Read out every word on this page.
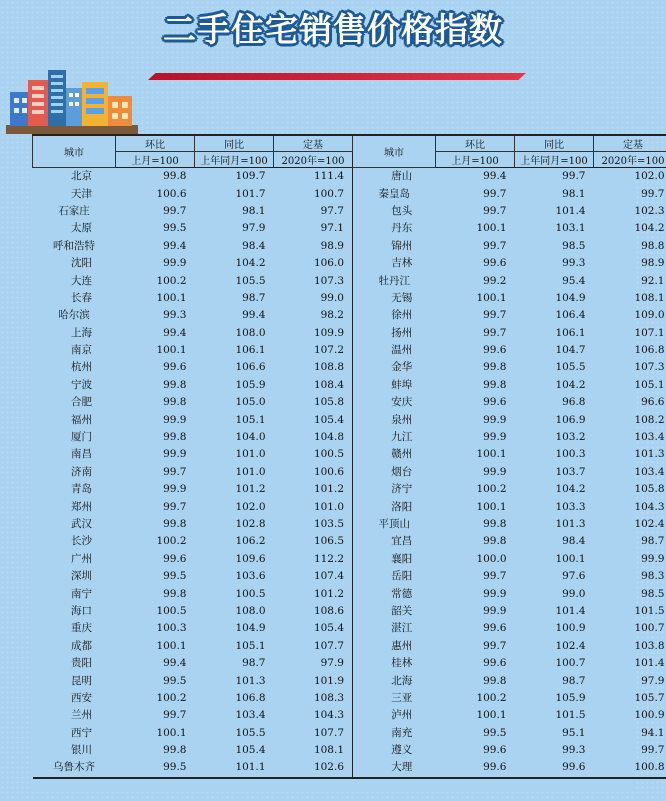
二手住宅销售价格指数
城市	环比	同比	定基	城市	环比	同比	定基
	上月=100	上年同月=100	2020年=100		上月=100	上年同月=100	2020年=100
北京	99.8	109.7	111.4	唐山	99.4	99.7	102.0
天津	100.6	101.7	100.7	秦皇岛	99.7	98.1	99.7
石家庄	99.7	98.1	97.7	包头	99.7	101.4	102.3
太原	99.5	97.9	97.1	丹东	100.1	103.1	104.2
呼和浩特	99.4	98.4	98.9	锦州	99.7	98.5	98.8
沈阳	99.9	104.2	106.0	吉林	99.6	99.3	98.9
大连	100.2	105.5	107.3	牡丹江	99.2	95.4	92.1
长春	100.1	98.7	99.0	无锡	100.1	104.9	108.1
哈尔滨	99.3	99.4	98.2	徐州	99.7	106.4	109.0
上海	99.4	108.0	109.9	扬州	99.7	106.1	107.1
南京	100.1	106.1	107.2	温州	99.6	104.7	106.8
杭州	99.6	106.6	108.8	金华	99.8	105.5	107.3
宁波	99.8	105.9	108.4	蚌埠	99.8	104.2	105.1
合肥	99.8	105.0	105.8	安庆	99.6	96.8	96.6
福州	99.9	105.1	105.4	泉州	99.9	106.9	108.2
厦门	99.8	104.0	104.8	九江	99.9	103.2	103.4
南昌	99.9	101.0	100.5	赣州	100.1	100.3	101.3
济南	99.7	101.0	100.6	烟台	99.9	103.7	103.4
青岛	99.9	101.2	101.2	济宁	100.2	104.2	105.8
郑州	99.7	102.0	101.0	洛阳	100.1	103.3	104.3
武汉	99.8	102.8	103.5	平顶山	99.8	101.3	102.4
长沙	100.2	106.2	106.5	宜昌	99.8	98.4	98.7
广州	99.6	109.6	112.2	襄阳	100.0	100.1	99.9
深圳	99.5	103.6	107.4	岳阳	99.7	97.6	98.3
南宁	99.8	100.5	101.2	常德	99.9	99.0	98.5
海口	100.5	108.0	108.6	韶关	99.9	101.4	101.5
重庆	100.3	104.9	105.4	湛江	99.6	100.9	100.7
成都	100.1	105.1	107.7	惠州	99.7	102.4	103.8
贵阳	99.4	98.7	97.9	桂林	99.6	100.7	101.4
昆明	99.5	101.3	101.9	北海	99.8	98.7	97.9
西安	100.2	106.8	108.3	三亚	100.2	105.9	105.7
兰州	99.7	103.4	104.3	泸州	100.1	101.5	100.9
西宁	100.1	105.5	107.7	南充	99.5	95.1	94.1
银川	99.8	105.4	108.1	遵义	99.6	99.3	99.7
乌鲁木齐	99.5	101.1	102.6	大理	99.6	99.6	100.8
